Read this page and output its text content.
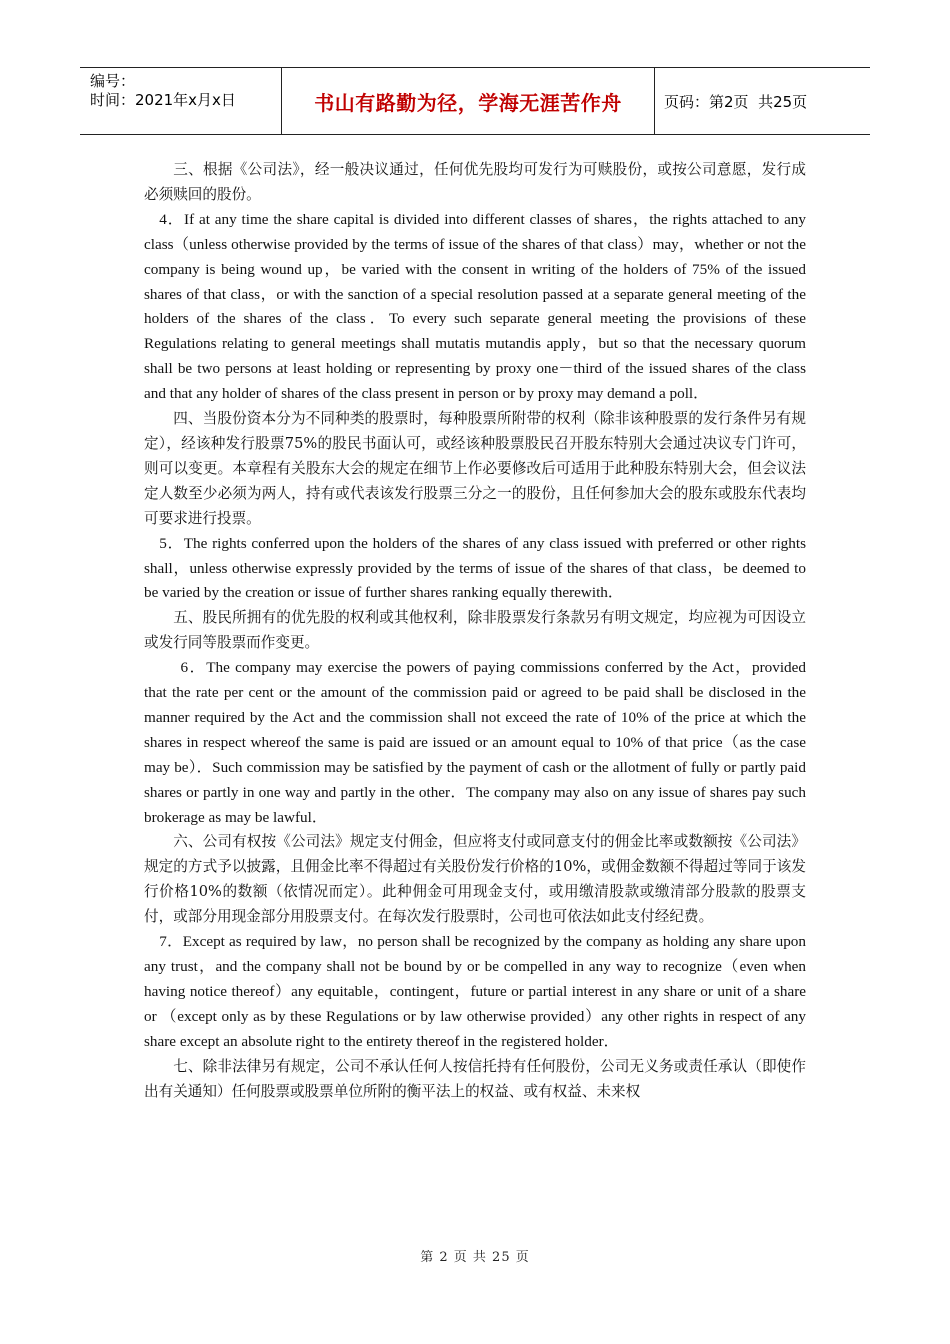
编号：
时间：2021年x月x日	书山有路勤为径，学海无涯苦作舟	页码：第2页  共25页

三、根据《公司法》，经一般决议通过，任何优先股均可发行为可赎股份，或按公司意愿，发行成必须赎回的股份。

4．If at any time the share capital is divided into different classes of shares，the rights attached to any class（unless otherwise provided by the terms of issue of the shares of that class）may，whether or not the company is being wound up，be varied with the consent in writing of the holders of 75% of the issued shares of that class，or with the sanction of a special resolution passed at a separate general meeting of the holders of the shares of the class．To every such separate general meeting the provisions of these Regulations relating to general meetings shall mutatis mutandis apply，but so that the necessary quorum shall be two persons at least holding or representing by proxy one－third of the issued shares of the class and that any holder of shares of the class present in person or by proxy may demand a poll．

四、当股份资本分为不同种类的股票时，每种股票所附带的权利（除非该种股票的发行条件另有规定），经该种发行股票75%的股民书面认可，或经该种股票股民召开股东特别大会通过决议专门许可，则可以变更。本章程有关股东大会的规定在细节上作必要修改后可适用于此种股东特别大会，但会议法定人数至少必须为两人，持有或代表该发行股票三分之一的股份，且任何参加大会的股东或股东代表均可要求进行投票。

5．The rights conferred upon the holders of the shares of any class issued with preferred or other rights shall，unless otherwise expressly provided by the terms of issue of the shares of that class，be deemed to be varied by the creation or issue of further shares ranking equally therewith．

五、股民所拥有的优先股的权利或其他权利，除非股票发行条款另有明文规定，均应视为可因设立或发行同等股票而作变更。

6．The company may exercise the powers of paying commissions conferred by the Act，provided that the rate per cent or the amount of the commission paid or agreed to be paid shall be disclosed in the manner required by the Act and the commission shall not exceed the rate of 10% of the price at which the shares in respect whereof the same is paid are issued or an amount equal to 10% of that price（as the case may be）．Such commission may be satisfied by the payment of cash or the allotment of fully or partly paid shares or partly in one way and partly in the other．The company may also on any issue of shares pay such brokerage as may be lawful．

六、公司有权按《公司法》规定支付佣金，但应将支付或同意支付的佣金比率或数额按《公司法》规定的方式予以披露，且佣金比率不得超过有关股份发行价格的10%，或佣金数额不得超过等同于该发行价格10%的数额（依情况而定）。此种佣金可用现金支付，或用缴清股款或缴清部分股款的股票支付，或部分用现金部分用股票支付。在每次发行股票时，公司也可依法如此支付经纪费。

7．Except as required by law，no person shall be recognized by the company as holding any share upon any trust，and the company shall not be bound by or be compelled in any way to recognize（even when having notice thereof）any equitable，contingent，future or partial interest in any share or unit of a share or （except only as by these Regulations or by law otherwise provided）any other rights in respect of any share except an absolute right to the entirety thereof in the registered holder．

七、除非法律另有规定，公司不承认任何人按信托持有任何股份，公司无义务或责任承认（即使作出有关通知）任何股票或股票单位所附的衡平法上的权益、或有权益、未来权

第 2 页 共 25 页
